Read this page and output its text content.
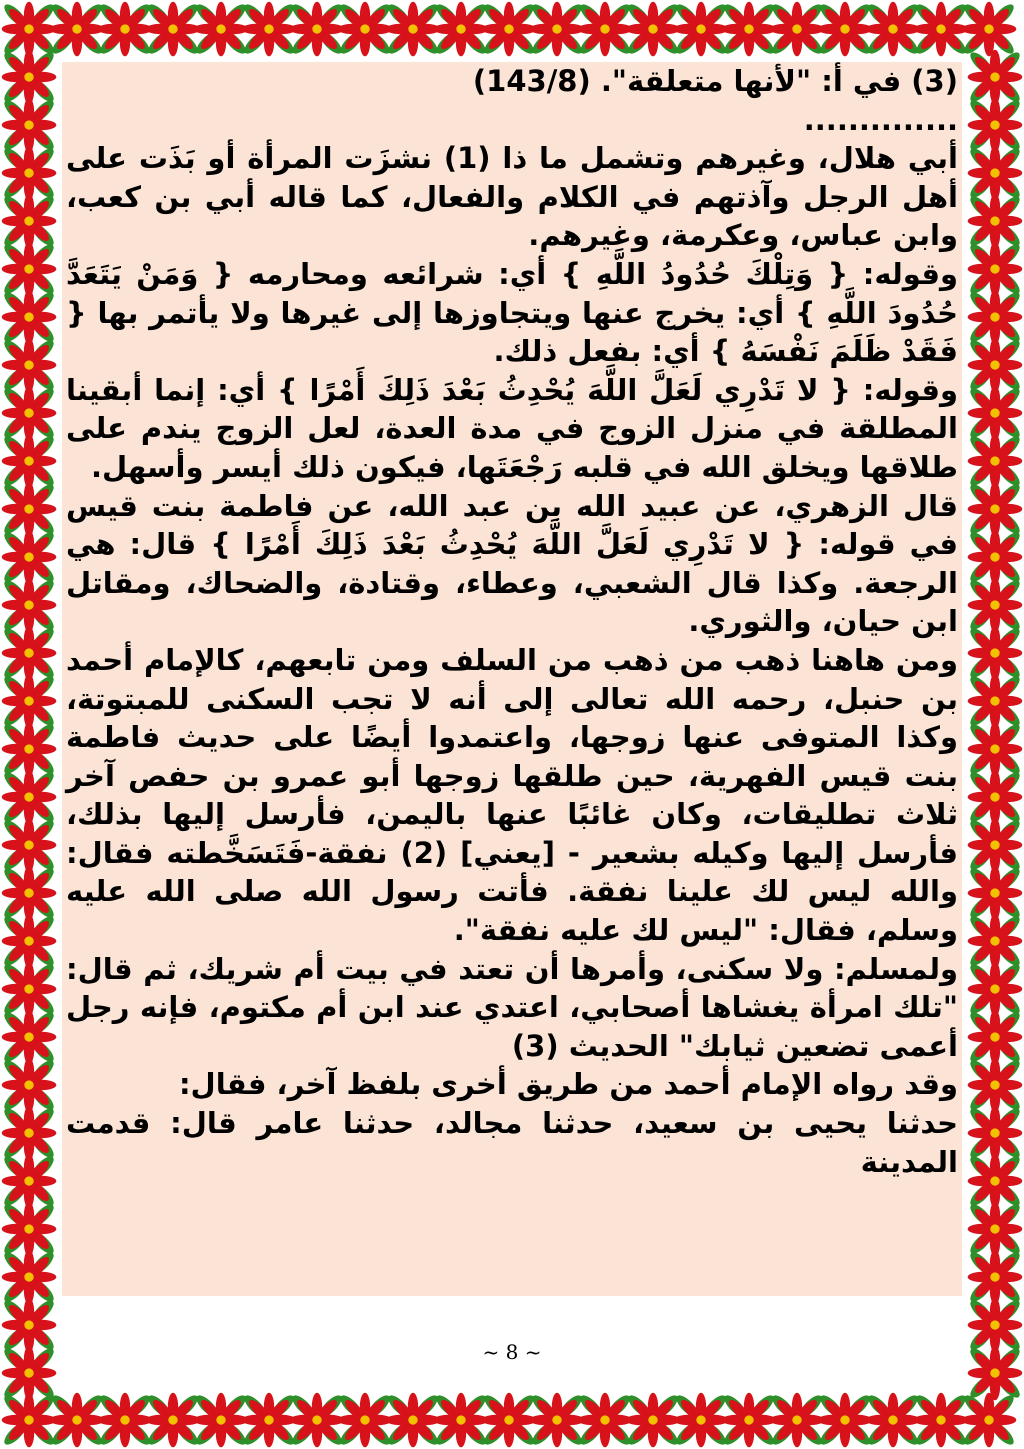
(3) في أ: "لأنها متعلقة". (143/8)

..............

أبي هلال، وغيرهم وتشمل ما ذا (1) نشزَت المرأة أو بَذَت على أهل الرجل وآذتهم في الكلام والفعال، كما قاله أبي بن كعب، وابن عباس، وعكرمة، وغيرهم.

وقوله: { وَتِلْكَ حُدُودُ اللَّهِ } أي: شرائعه ومحارمه { وَمَنْ يَتَعَدَّ حُدُودَ اللَّهِ } أي: يخرج عنها ويتجاوزها إلى غيرها ولا يأتمر بها { فَقَدْ ظَلَمَ نَفْسَهُ } أي: بفعل ذلك.

وقوله: { لا تَدْرِي لَعَلَّ اللَّهَ يُحْدِثُ بَعْدَ ذَلِكَ أَمْرًا } أي: إنما أبقينا المطلقة في منزل الزوج في مدة العدة، لعل الزوج يندم على طلاقها ويخلق الله في قلبه رَجْعَتَها، فيكون ذلك أيسر وأسهل.

قال الزهري، عن عبيد الله بن عبد الله، عن فاطمة بنت قيس في قوله: { لا تَدْرِي لَعَلَّ اللَّهَ يُحْدِثُ بَعْدَ ذَلِكَ أَمْرًا } قال: هي الرجعة. وكذا قال الشعبي، وعطاء، وقتادة، والضحاك، ومقاتل ابن حيان، والثوري.

ومن هاهنا ذهب من ذهب من السلف ومن تابعهم، كالإمام أحمد بن حنبل، رحمه الله تعالى إلى أنه لا تجب السكنى للمبتوتة، وكذا المتوفى عنها زوجها، واعتمدوا أيضًا على حديث فاطمة بنت قيس الفهرية، حين طلقها زوجها أبو عمرو بن حفص آخر ثلاث تطليقات، وكان غائبًا عنها باليمن، فأرسل إليها بذلك، فأرسل إليها وكيله بشعير - [يعني] (2) نفقة-فَتَسَخَّطته فقال: والله ليس لك علينا نفقة. فأتت رسول الله صلى الله عليه وسلم، فقال: "ليس لك عليه نفقة".

ولمسلم: ولا سكنى، وأمرها أن تعتد في بيت أم شريك، ثم قال: "تلك امرأة يغشاها أصحابي، اعتدي عند ابن أم مكتوم، فإنه رجل أعمى تضعين ثيابك" الحديث (3)

وقد رواه الإمام أحمد من طريق أخرى بلفظ آخر، فقال:

حدثنا يحيى بن سعيد، حدثنا مجالد، حدثنا عامر قال: قدمت المدينة

~ 8 ~
